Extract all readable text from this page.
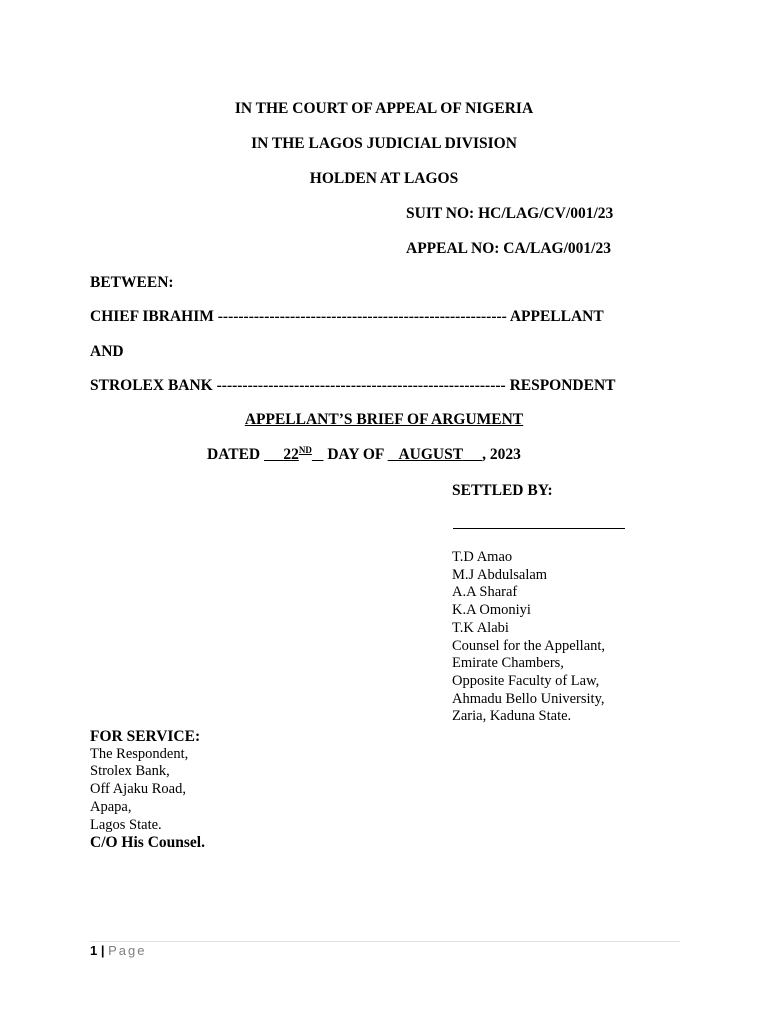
IN THE COURT OF APPEAL OF NIGERIA
IN THE LAGOS JUDICIAL DIVISION
HOLDEN AT LAGOS
SUIT NO: HC/LAG/CV/001/23
APPEAL NO: CA/LAG/001/23
BETWEEN:
CHIEF IBRAHIM -------------------------------------------------------- APPELLANT
AND
STROLEX BANK -------------------------------------------------------- RESPONDENT
APPELLANT’S BRIEF OF ARGUMENT
DATED 22ND DAY OF AUGUST , 2023
SETTLED BY:
T.D Amao
M.J Abdulsalam
A.A Sharaf
K.A Omoniyi
T.K Alabi
Counsel for the Appellant,
Emirate Chambers,
Opposite Faculty of Law,
Ahmadu Bello University,
Zaria, Kaduna State.
FOR SERVICE:
The Respondent,
Strolex Bank,
Off Ajaku Road,
Apapa,
Lagos State.
C/O His Counsel.
1 | Page
